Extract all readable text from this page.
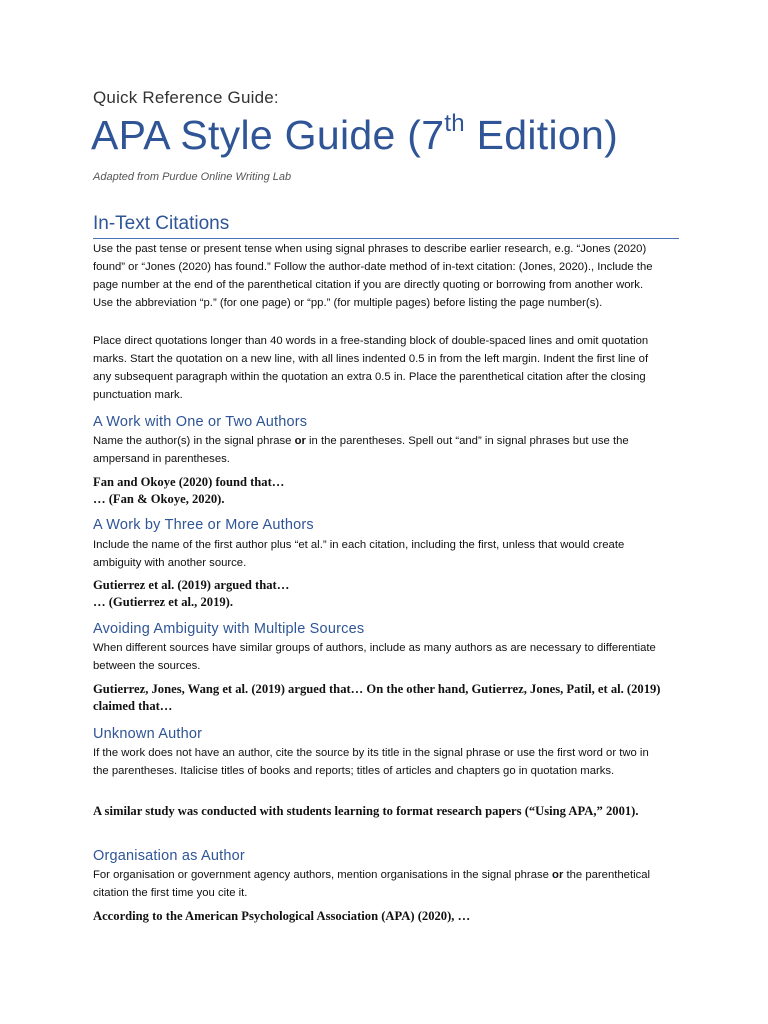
Quick Reference Guide:
APA Style Guide (7th Edition)
Adapted from Purdue Online Writing Lab
In-Text Citations
Use the past tense or present tense when using signal phrases to describe earlier research, e.g. “Jones (2020) found” or “Jones (2020) has found.” Follow the author-date method of in-text citation: (Jones, 2020)., Include the page number at the end of the parenthetical citation if you are directly quoting or borrowing from another work. Use the abbreviation “p.” (for one page) or “pp.” (for multiple pages) before listing the page number(s).
Place direct quotations longer than 40 words in a free-standing block of double-spaced lines and omit quotation marks. Start the quotation on a new line, with all lines indented 0.5 in from the left margin. Indent the first line of any subsequent paragraph within the quotation an extra 0.5 in. Place the parenthetical citation after the closing punctuation mark.
A Work with One or Two Authors
Name the author(s) in the signal phrase or in the parentheses. Spell out “and” in signal phrases but use the ampersand in parentheses.
Fan and Okoye (2020) found that…
… (Fan & Okoye, 2020).
A Work by Three or More Authors
Include the name of the first author plus “et al.” in each citation, including the first, unless that would create ambiguity with another source.
Gutierrez et al. (2019) argued that…
… (Gutierrez et al., 2019).
Avoiding Ambiguity with Multiple Sources
When different sources have similar groups of authors, include as many authors as are necessary to differentiate between the sources.
Gutierrez, Jones, Wang et al. (2019) argued that… On the other hand, Gutierrez, Jones, Patil, et al. (2019) claimed that…
Unknown Author
If the work does not have an author, cite the source by its title in the signal phrase or use the first word or two in the parentheses. Italicise titles of books and reports; titles of articles and chapters go in quotation marks.
A similar study was conducted with students learning to format research papers (“Using APA,” 2001).
Organisation as Author
For organisation or government agency authors, mention organisations in the signal phrase or the parenthetical citation the first time you cite it.
According to the American Psychological Association (APA) (2020), …
